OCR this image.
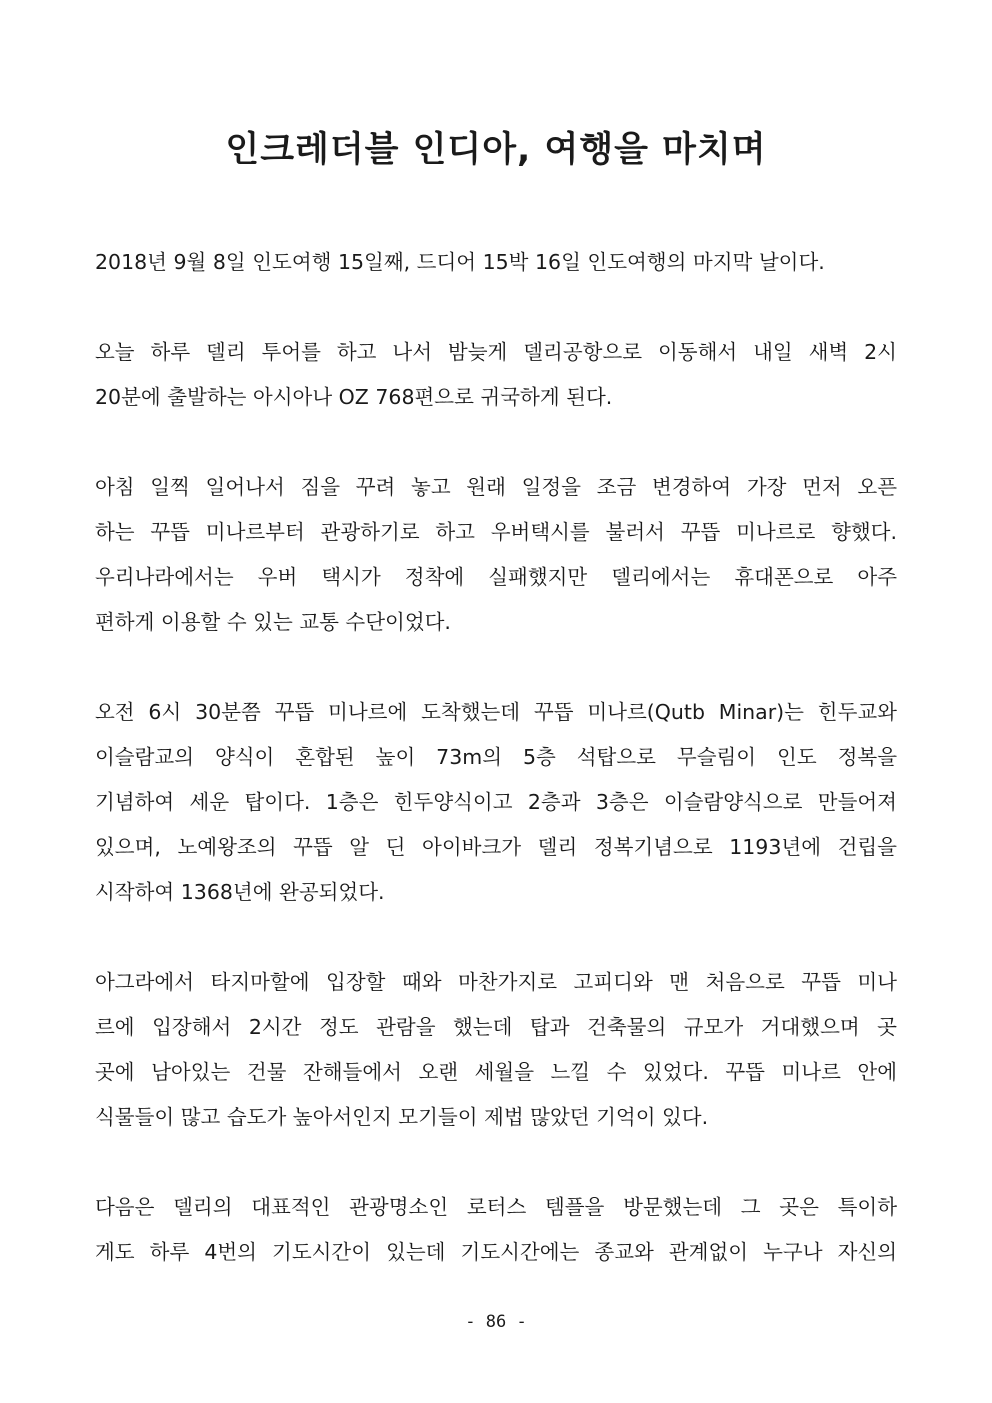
인크레더블 인디아, 여행을 마치며
2018년 9월 8일 인도여행 15일째, 드디어 15박 16일 인도여행의 마지막 날이다.
오늘 하루 델리 투어를 하고 나서 밤늦게 델리공항으로 이동해서 내일 새벽 2시
20분에 출발하는 아시아나 OZ 768편으로 귀국하게 된다.
아침 일찍 일어나서 짐을 꾸려 놓고 원래 일정을 조금 변경하여 가장 먼저 오픈
하는 꾸뜹 미나르부터 관광하기로 하고 우버택시를 불러서 꾸뜹 미나르로 향했다.
우리나라에서는 우버 택시가 정착에 실패했지만 델리에서는 휴대폰으로 아주
편하게 이용할 수 있는 교통 수단이었다.
오전 6시 30분쯤 꾸뜹 미나르에 도착했는데 꾸뜹 미나르(Qutb Minar)는 힌두교와
이슬람교의 양식이 혼합된 높이 73m의 5층 석탑으로 무슬림이 인도 정복을
기념하여 세운 탑이다. 1층은 힌두양식이고 2층과 3층은 이슬람양식으로 만들어져
있으며, 노예왕조의 꾸뜹 알 딘 아이바크가 델리 정복기념으로 1193년에 건립을
시작하여 1368년에 완공되었다.
아그라에서 타지마할에 입장할 때와 마찬가지로 고피디와 맨 처음으로 꾸뜹 미나
르에 입장해서 2시간 정도 관람을 했는데 탑과 건축물의 규모가 거대했으며 곳
곳에 남아있는 건물 잔해들에서 오랜 세월을 느낄 수 있었다. 꾸뜹 미나르 안에
식물들이 많고 습도가 높아서인지 모기들이 제법 많았던 기억이 있다.
다음은 델리의 대표적인 관광명소인 로터스 템플을 방문했는데 그 곳은 특이하
게도 하루 4번의 기도시간이 있는데 기도시간에는 종교와 관계없이 누구나 자신의
- 86 -
